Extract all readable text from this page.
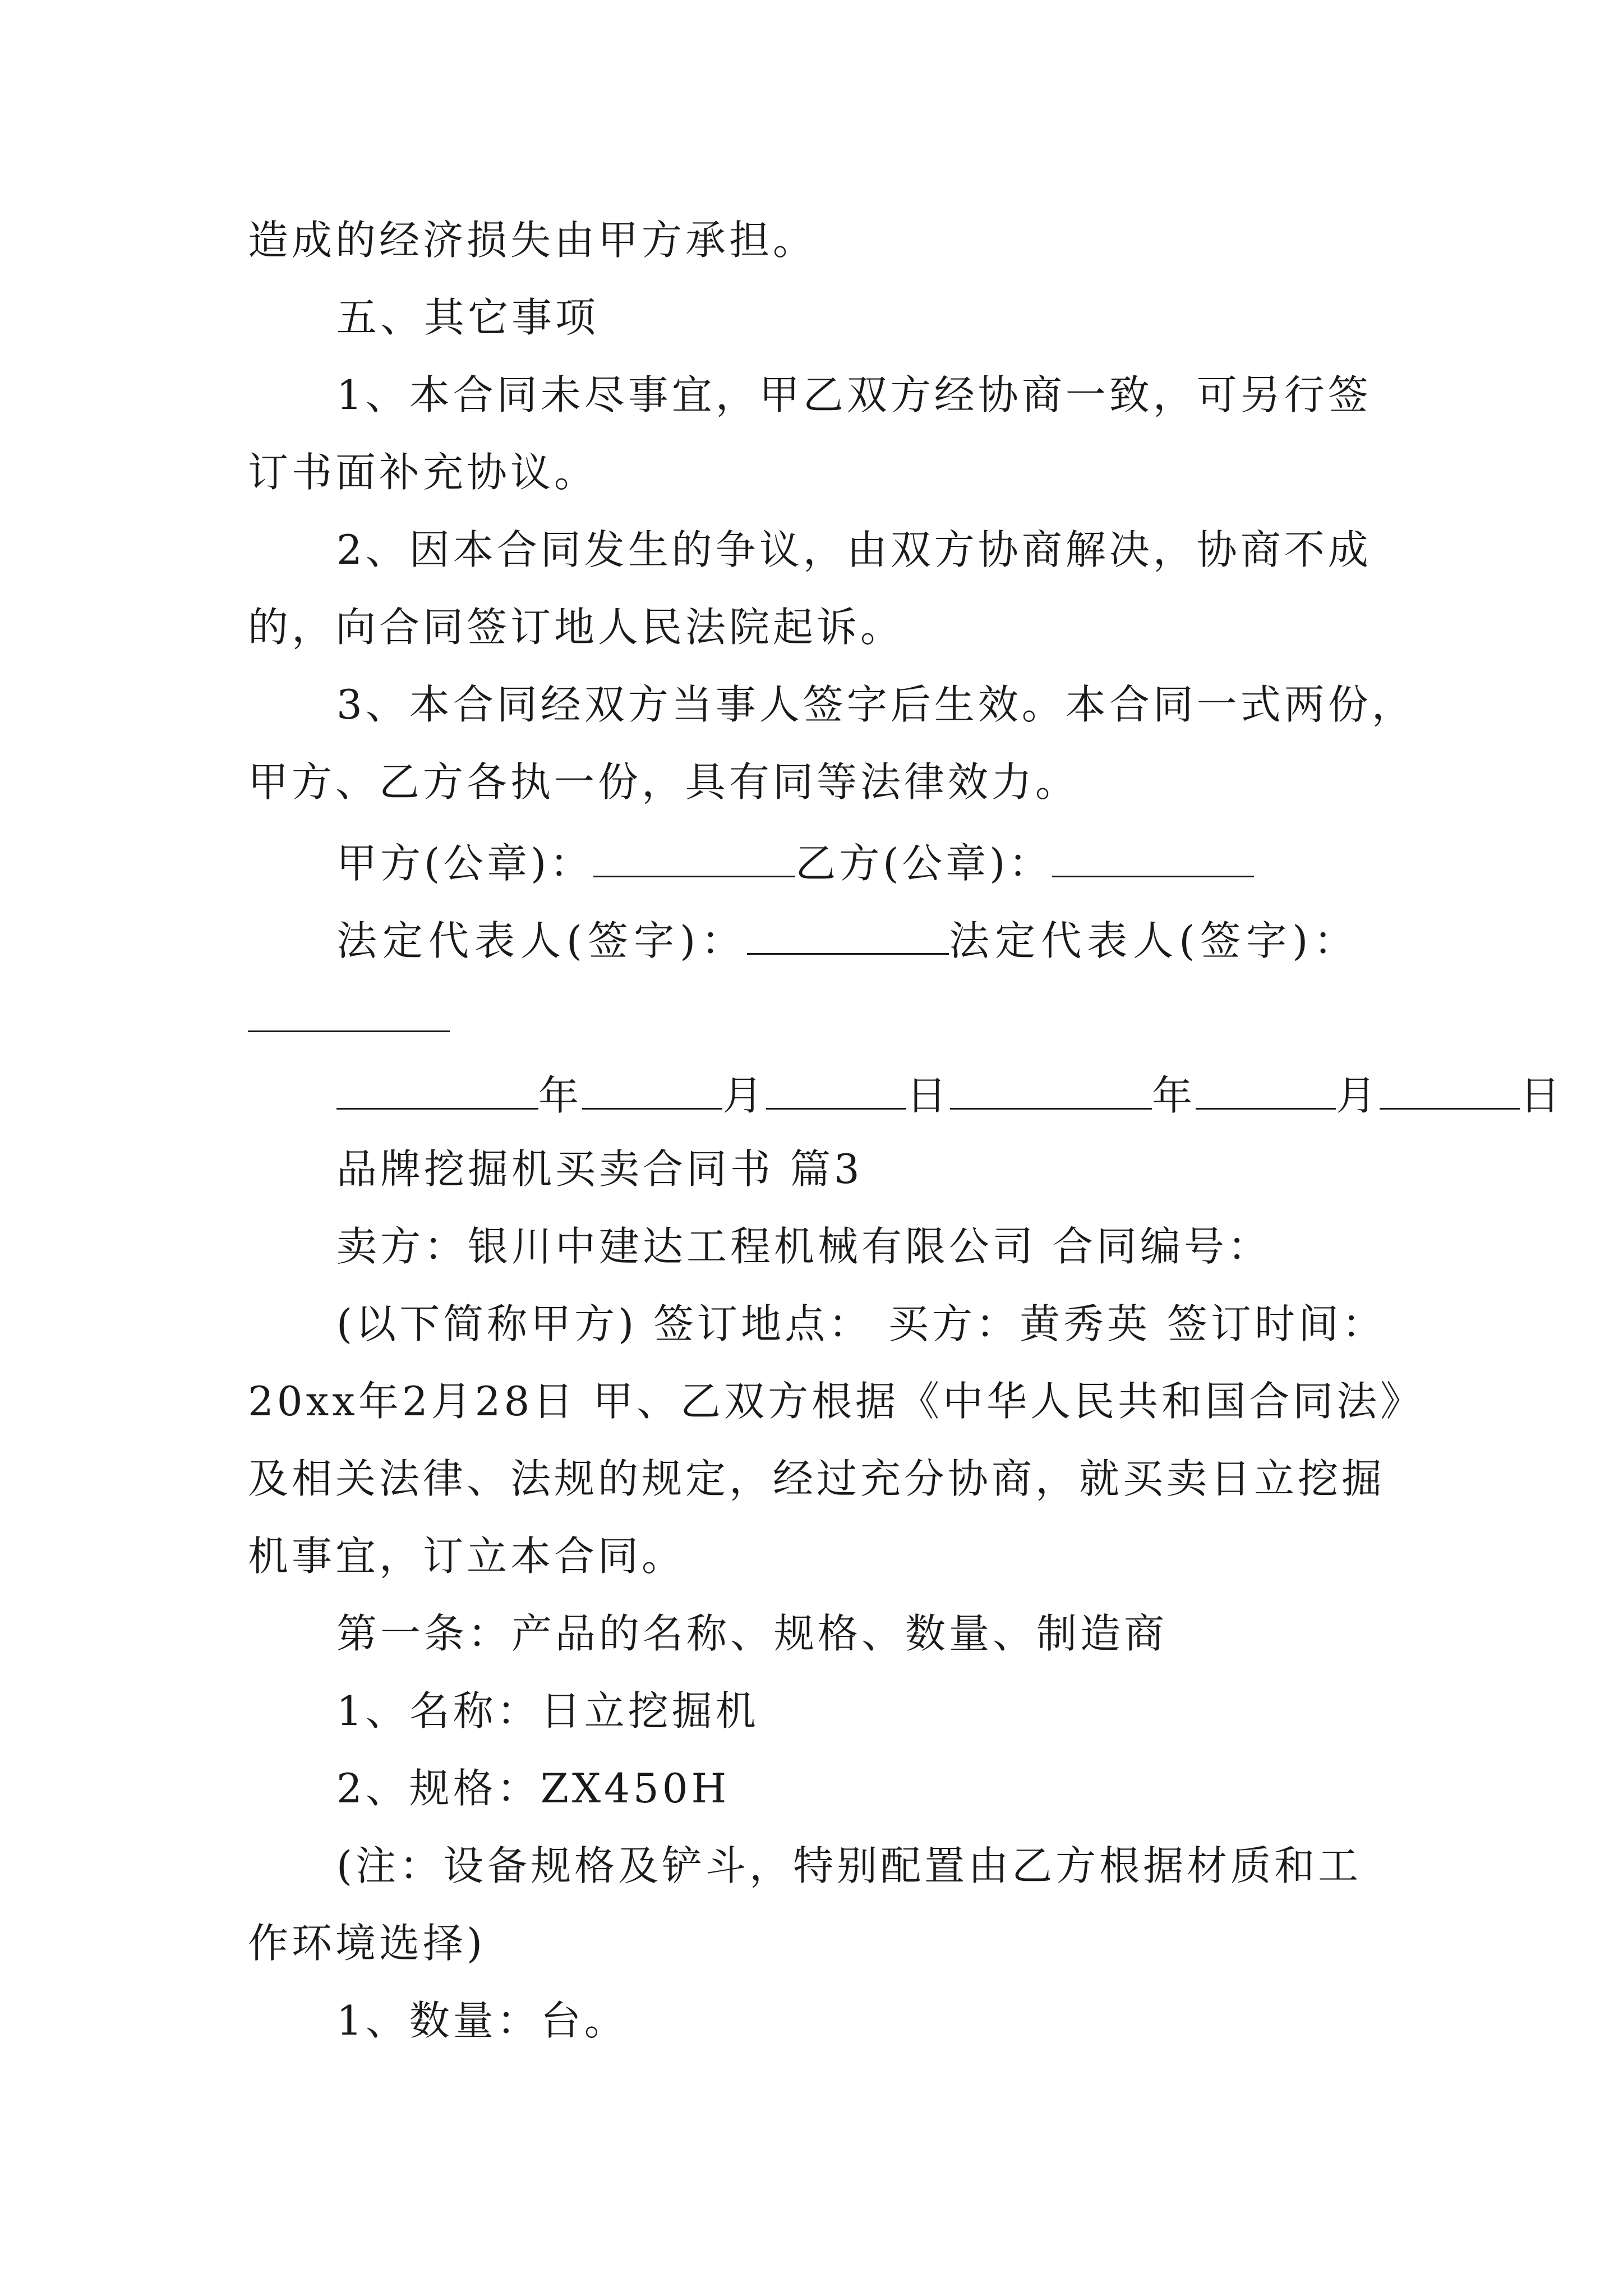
造成的经济损失由甲方承担。
五、其它事项
1、本合同未尽事宜，甲乙双方经协商一致，可另行签
订书面补充协议。
2、因本合同发生的争议，由双方协商解决，协商不成
的，向合同签订地人民法院起诉。
3、本合同经双方当事人签字后生效。本合同一式两份，
甲方、乙方各执一份，具有同等法律效力。
甲方(公章)：	乙方(公章)：
法定代表人(签字)：	法定代表人(签字)：
年	月	日	年	月	日
品牌挖掘机买卖合同书 篇3
卖方：银川中建达工程机械有限公司 合同编号：
(以下简称甲方) 签订地点： 买方：黄秀英 签订时间：
20xx年2月28日 甲、乙双方根据《中华人民共和国合同法》
及相关法律、法规的规定，经过充分协商，就买卖日立挖掘
机事宜，订立本合同。
第一条：产品的名称、规格、数量、制造商
1、名称：日立挖掘机
2、规格：ZX450H
(注：设备规格及铲斗，特别配置由乙方根据材质和工
作环境选择)
1、数量：台。
